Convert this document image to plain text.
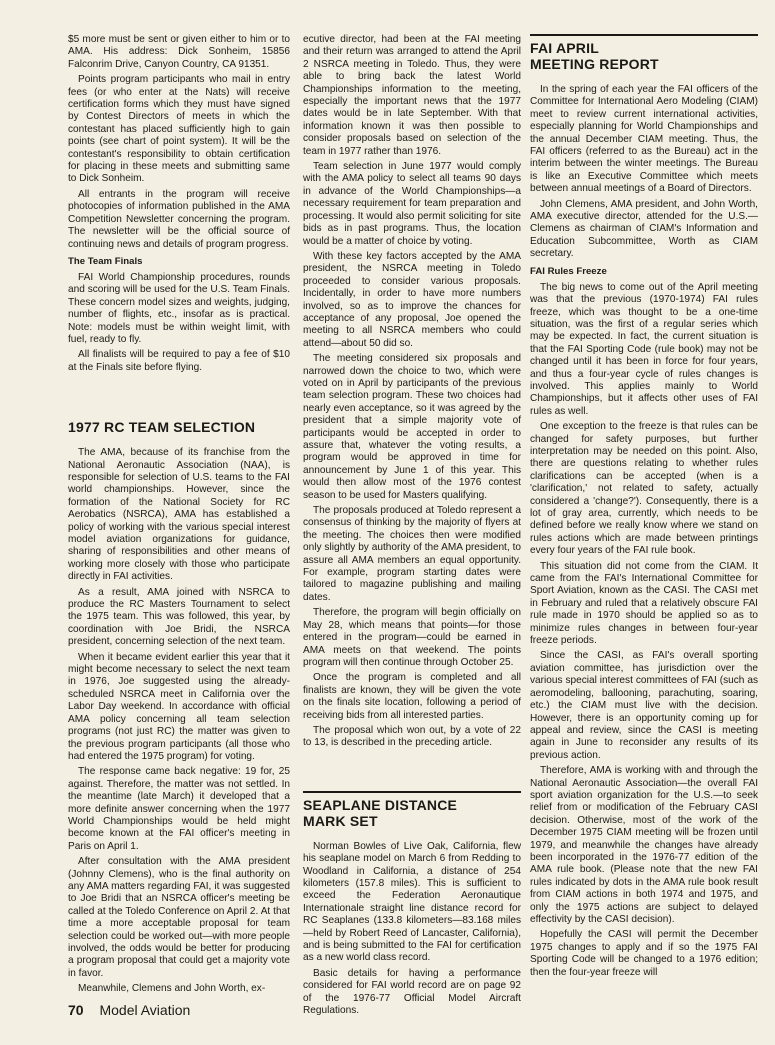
$5 more must be sent or given either to him or to AMA. His address: Dick Sonheim, 15856 Falconrim Drive, Canyon Country, CA 91351.

Points program participants who mail in entry fees (or who enter at the Nats) will receive certification forms which they must have signed by Contest Directors of meets in which the contestant has placed sufficiently high to gain points (see chart of point system). It will be the contestant's responsibility to obtain certification for placing in these meets and submitting same to Dick Sonheim.

All entrants in the program will receive photocopies of information published in the AMA Competition Newsletter concerning the program. The newsletter will be the official source of continuing news and details of program progress.

The Team Finals

FAI World Championship procedures, rounds and scoring will be used for the U.S. Team Finals. These concern model sizes and weights, judging, number of flights, etc., insofar as is practical. Note: models must be within weight limit, with fuel, ready to fly.

All finalists will be required to pay a fee of $10 at the Finals site before flying.

1977 RC TEAM SELECTION

The AMA, because of its franchise from the National Aeronautic Association (NAA), is responsible for selection of U.S. teams to the FAI world championships. However, since the formation of the National Society for RC Aerobatics (NSRCA), AMA has established a policy of working with the various special interest model aviation organizations for guidance, sharing of responsibilities and other means of working more closely with those who participate directly in FAI activities.

As a result, AMA joined with NSRCA to produce the RC Masters Tournament to select the 1975 team. This was followed, this year, by coordination with Joe Bridi, the NSRCA president, concerning selection of the next team.

When it became evident earlier this year that it might become necessary to select the next team in 1976, Joe suggested using the already-scheduled NSRCA meet in California over the Labor Day weekend. In accordance with official AMA policy concerning all team selection programs (not just RC) the matter was given to the previous program participants (all those who had entered the 1975 program) for voting.

The response came back negative: 19 for, 25 against. Therefore, the matter was not settled. In the meantime (late March) it developed that a more definite answer concerning when the 1977 World Championships would be held might become known at the FAI officer's meeting in Paris on April 1.

After consultation with the AMA president (Johnny Clemens), who is the final authority on any AMA matters regarding FAI, it was suggested to Joe Bridi that an NSRCA officer's meeting be called at the Toledo Conference on April 2. At that time a more acceptable proposal for team selection could be worked out—with more people involved, the odds would be better for producing a program proposal that could get a majority vote in favor.

Meanwhile, Clemens and John Worth, ex-

ecutive director, had been at the FAI meeting and their return was arranged to attend the April 2 NSRCA meeting in Toledo. Thus, they were able to bring back the latest World Championships information to the meeting, especially the important news that the 1977 dates would be in late September. With that information known it was then possible to consider proposals based on selection of the team in 1977 rather than 1976.

Team selection in June 1977 would comply with the AMA policy to select all teams 90 days in advance of the World Championships—a necessary requirement for team preparation and processing. It would also permit soliciting for site bids as in past programs. Thus, the location would be a matter of choice by voting.

With these key factors accepted by the AMA president, the NSRCA meeting in Toledo proceeded to consider various proposals. Incidentally, in order to have more numbers involved, so as to improve the chances for acceptance of any proposal, Joe opened the meeting to all NSRCA members who could attend—about 50 did so.

The meeting considered six proposals and narrowed down the choice to two, which were voted on in April by participants of the previous team selection program. These two choices had nearly even acceptance, so it was agreed by the president that a simple majority vote of participants would be accepted in order to assure that, whatever the voting results, a program would be approved in time for announcement by June 1 of this year. This would then allow most of the 1976 contest season to be used for Masters qualifying.

The proposals produced at Toledo represent a consensus of thinking by the majority of flyers at the meeting. The choices then were modified only slightly by authority of the AMA president, to assure all AMA members an equal opportunity. For example, program starting dates were tailored to magazine publishing and mailing dates.

Therefore, the program will begin officially on May 28, which means that points—for those entered in the program—could be earned in AMA meets on that weekend. The points program will then continue through October 25.

Once the program is completed and all finalists are known, they will be given the vote on the finals site location, following a period of receiving bids from all interested parties.

The proposal which won out, by a vote of 22 to 13, is described in the preceding article.

SEAPLANE DISTANCE
MARK SET

Norman Bowles of Live Oak, California, flew his seaplane model on March 6 from Redding to Woodland in California, a distance of 254 kilometers (157.8 miles). This is sufficient to exceed the Federation Aeronautique Internationale straight line distance record for RC Seaplanes (133.8 kilometers—83.168 miles—held by Robert Reed of Lancaster, California), and is being submitted to the FAI for certification as a new world class record.

Basic details for having a performance considered for FAI world record are on page 92 of the 1976-77 Official Model Aircraft Regulations.

FAI APRIL
MEETING REPORT

In the spring of each year the FAI officers of the Committee for International Aero Modeling (CIAM) meet to review current international activities, especially planning for World Championships and the annual December CIAM meeting. Thus, the FAI officers (referred to as the Bureau) act in the interim between the winter meetings. The Bureau is like an Executive Committee which meets between annual meetings of a Board of Directors.

John Clemens, AMA president, and John Worth, AMA executive director, attended for the U.S.—Clemens as chairman of CIAM's Information and Education Subcommittee, Worth as CIAM secretary.

FAI Rules Freeze

The big news to come out of the April meeting was that the previous (1970-1974) FAI rules freeze, which was thought to be a one-time situation, was the first of a regular series which may be expected. In fact, the current situation is that the FAI Sporting Code (rule book) may not be changed until it has been in force for four years, and thus a four-year cycle of rules changes is involved. This applies mainly to World Championships, but it affects other uses of FAI rules as well.

One exception to the freeze is that rules can be changed for safety purposes, but further interpretation may be needed on this point. Also, there are questions relating to whether rules clarifications can be accepted (when is a 'clarification,' not related to safety, actually considered a 'change?'). Consequently, there is a lot of gray area, currently, which needs to be defined before we really know where we stand on rules actions which are made between printings every four years of the FAI rule book.

This situation did not come from the CIAM. It came from the FAI's International Committee for Sport Aviation, known as the CASI. The CASI met in February and ruled that a relatively obscure FAI rule made in 1970 should be applied so as to minimize rules changes in between four-year freeze periods.

Since the CASI, as FAI's overall sporting aviation committee, has jurisdiction over the various special interest committees of FAI (such as aeromodeling, ballooning, parachuting, soaring, etc.) the CIAM must live with the decision. However, there is an opportunity coming up for appeal and review, since the CASI is meeting again in June to reconsider any results of its previous action.

Therefore, AMA is working with and through the National Aeronautic Association—the overall FAI sport aviation organization for the U.S.—to seek relief from or modification of the February CASI decision. Otherwise, most of the work of the December 1975 CIAM meeting will be frozen until 1979, and meanwhile the changes have already been incorporated in the 1976-77 edition of the AMA rule book. (Please note that the new FAI rules indicated by dots in the AMA rule book result from CIAM actions in both 1974 and 1975, and only the 1975 actions are subject to delayed effectivity by the CASI decision).

Hopefully the CASI will permit the December 1975 changes to apply and if so the 1975 FAI Sporting Code will be changed to a 1976 edition; then the four-year freeze will

70 Model Aviation
